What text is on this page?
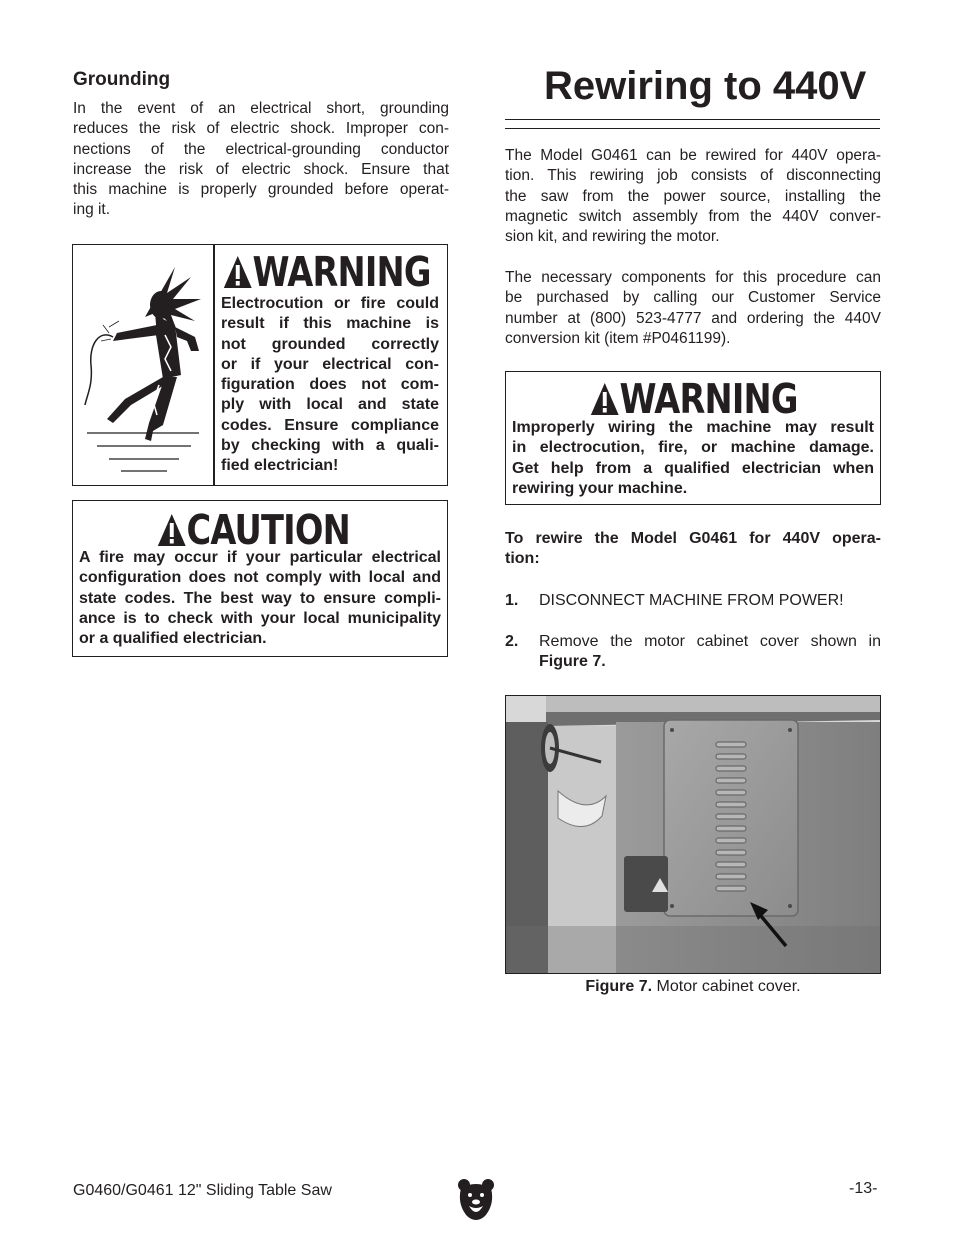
Grounding
In the event of an electrical short, grounding
reduces the risk of electric shock. Improper con-
nections of the electrical-grounding conductor
increase the risk of electric shock. Ensure that
this machine is properly grounded before operat-
ing it.
WARNING
Electrocution or fire could
result if this machine is
not grounded correctly
or if your electrical con-
figuration does not com-
ply with local and state
codes. Ensure compliance
by checking with a quali-
fied electrician!
CAUTION
A fire may occur if your particular electrical
configuration does not comply with local and
state codes. The best way to ensure compli-
ance is to check with your local municipality
or a qualified electrician.
Rewiring to 440V
The Model G0461 can be rewired for 440V opera-
tion. This rewiring job consists of disconnecting
the saw from the power source, installing the
magnetic switch assembly from the 440V conver-
sion kit, and rewiring the motor.
The necessary components for this procedure can
be purchased by calling our Customer Service
number at (800) 523-4777 and ordering the 440V
conversion kit (item #P0461199).
WARNING
Improperly wiring the machine may result
in electrocution, fire, or machine damage.
Get help from a qualified electrician when
rewiring your machine.
To rewire the Model G0461 for 440V opera-
tion:
1. DISCONNECT MACHINE FROM POWER!
2. Remove the motor cabinet cover shown in
Figure 7.
Figure 7. Motor cabinet cover.
G0460/G0461 12" Sliding Table Saw	-13-
